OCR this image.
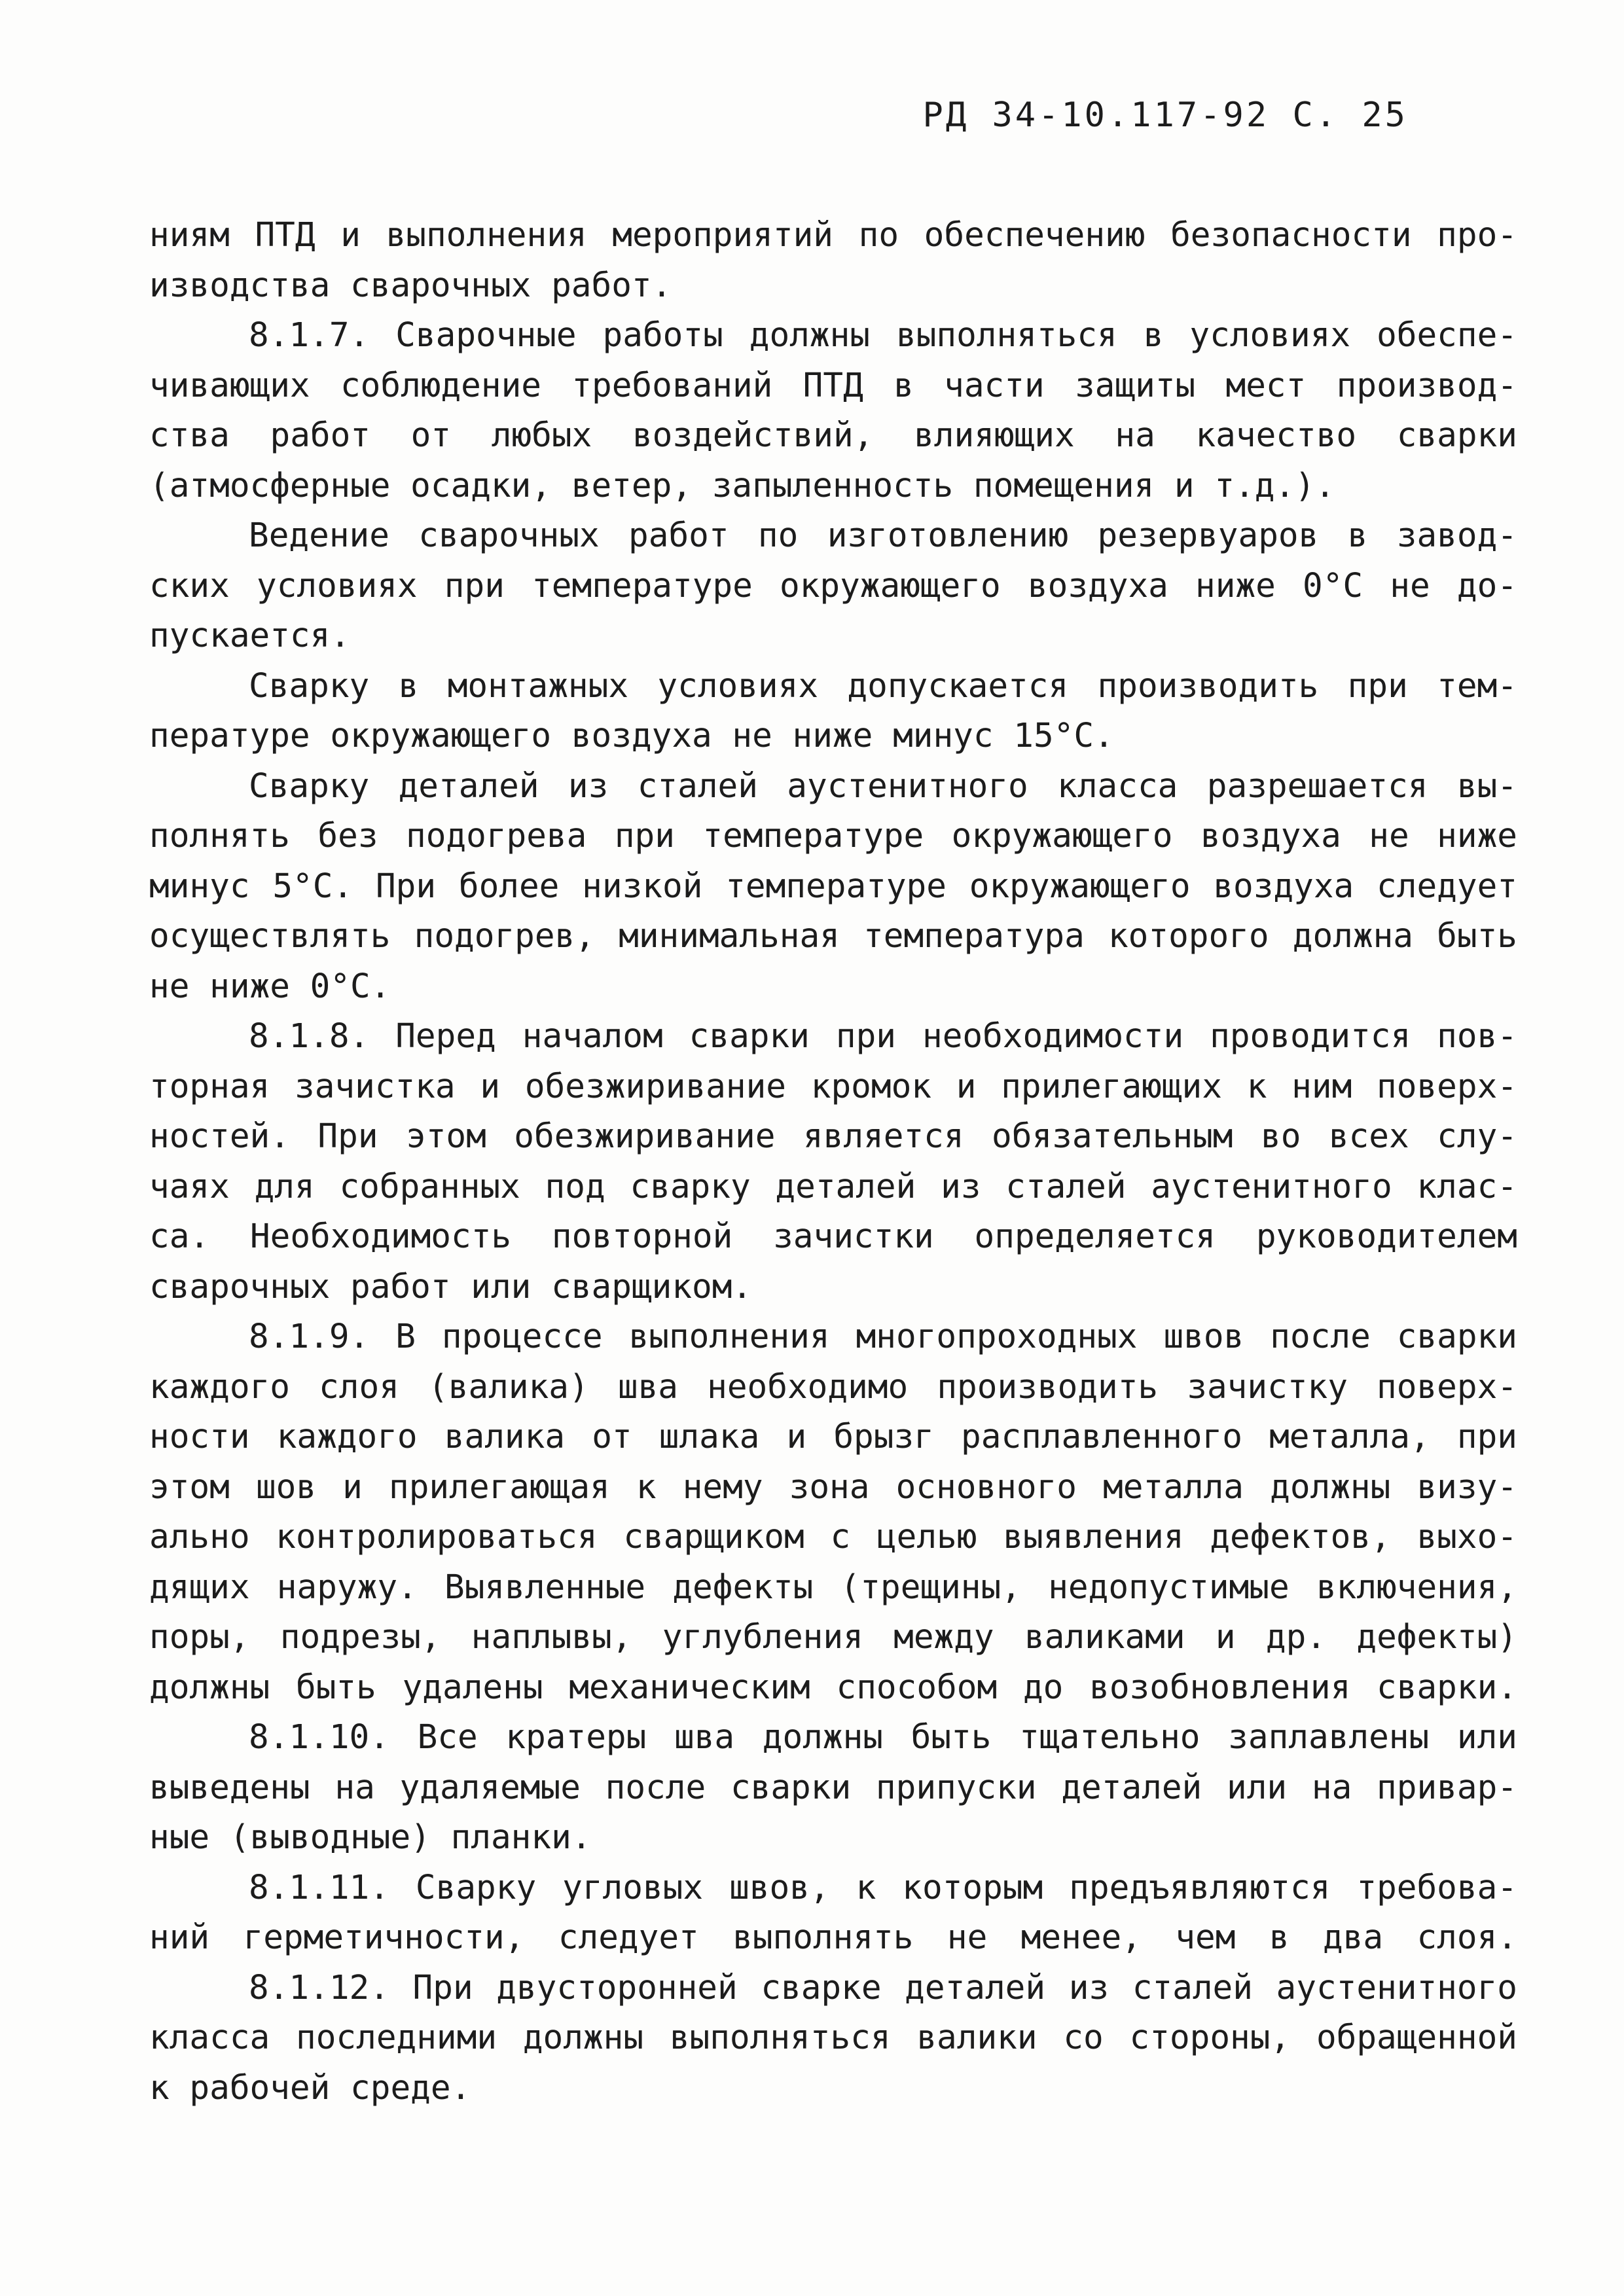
РД 34-10.117-92 С. 25
ниям ПТД и выполнения мероприятий по обеспечению безопасности про-
изводства сварочных работ.
8.1.7. Сварочные работы должны выполняться в условиях обеспе-
чивающих соблюдение требований ПТД в части защиты мест производ-
ства работ от любых воздействий, влияющих на качество сварки
(атмосферные осадки, ветер, запыленность помещения и т.д.).
Ведение сварочных работ по изготовлению резервуаров в завод-
ских условиях при температуре окружающего воздуха ниже 0°С не до-
пускается.
Сварку в монтажных условиях допускается производить при тем-
пературе окружающего воздуха не ниже минус 15°С.
Сварку деталей из сталей аустенитного класса разрешается вы-
полнять без подогрева при температуре окружающего воздуха не ниже
минус 5°С. При более низкой температуре окружающего воздуха следует
осуществлять подогрев, минимальная температура которого должна быть
не ниже 0°С.
8.1.8. Перед началом сварки при необходимости проводится пов-
торная зачистка и обезжиривание кромок и прилегающих к ним поверх-
ностей. При этом обезжиривание является обязательным во всех слу-
чаях для собранных под сварку деталей из сталей аустенитного клас-
са. Необходимость повторной зачистки определяется руководителем
сварочных работ или сварщиком.
8.1.9. В процессе выполнения многопроходных швов после сварки
каждого слоя (валика) шва необходимо производить зачистку поверх-
ности каждого валика от шлака и брызг расплавленного металла, при
этом шов и прилегающая к нему зона основного металла должны визу-
ально контролироваться сварщиком с целью выявления дефектов, выхо-
дящих наружу. Выявленные дефекты (трещины, недопустимые включения,
поры, подрезы, наплывы, углубления между валиками и др. дефекты)
должны быть удалены механическим способом до возобновления сварки.
8.1.10. Все кратеры шва должны быть тщательно заплавлены или
выведены на удаляемые после сварки припуски деталей или на привар-
ные (выводные) планки.
8.1.11. Сварку угловых швов, к которым предъявляются требова-
ний герметичности, следует выполнять не менее, чем в два слоя.
8.1.12. При двусторонней сварке деталей из сталей аустенитного
класса последними должны выполняться валики со стороны, обращенной
к рабочей среде.
